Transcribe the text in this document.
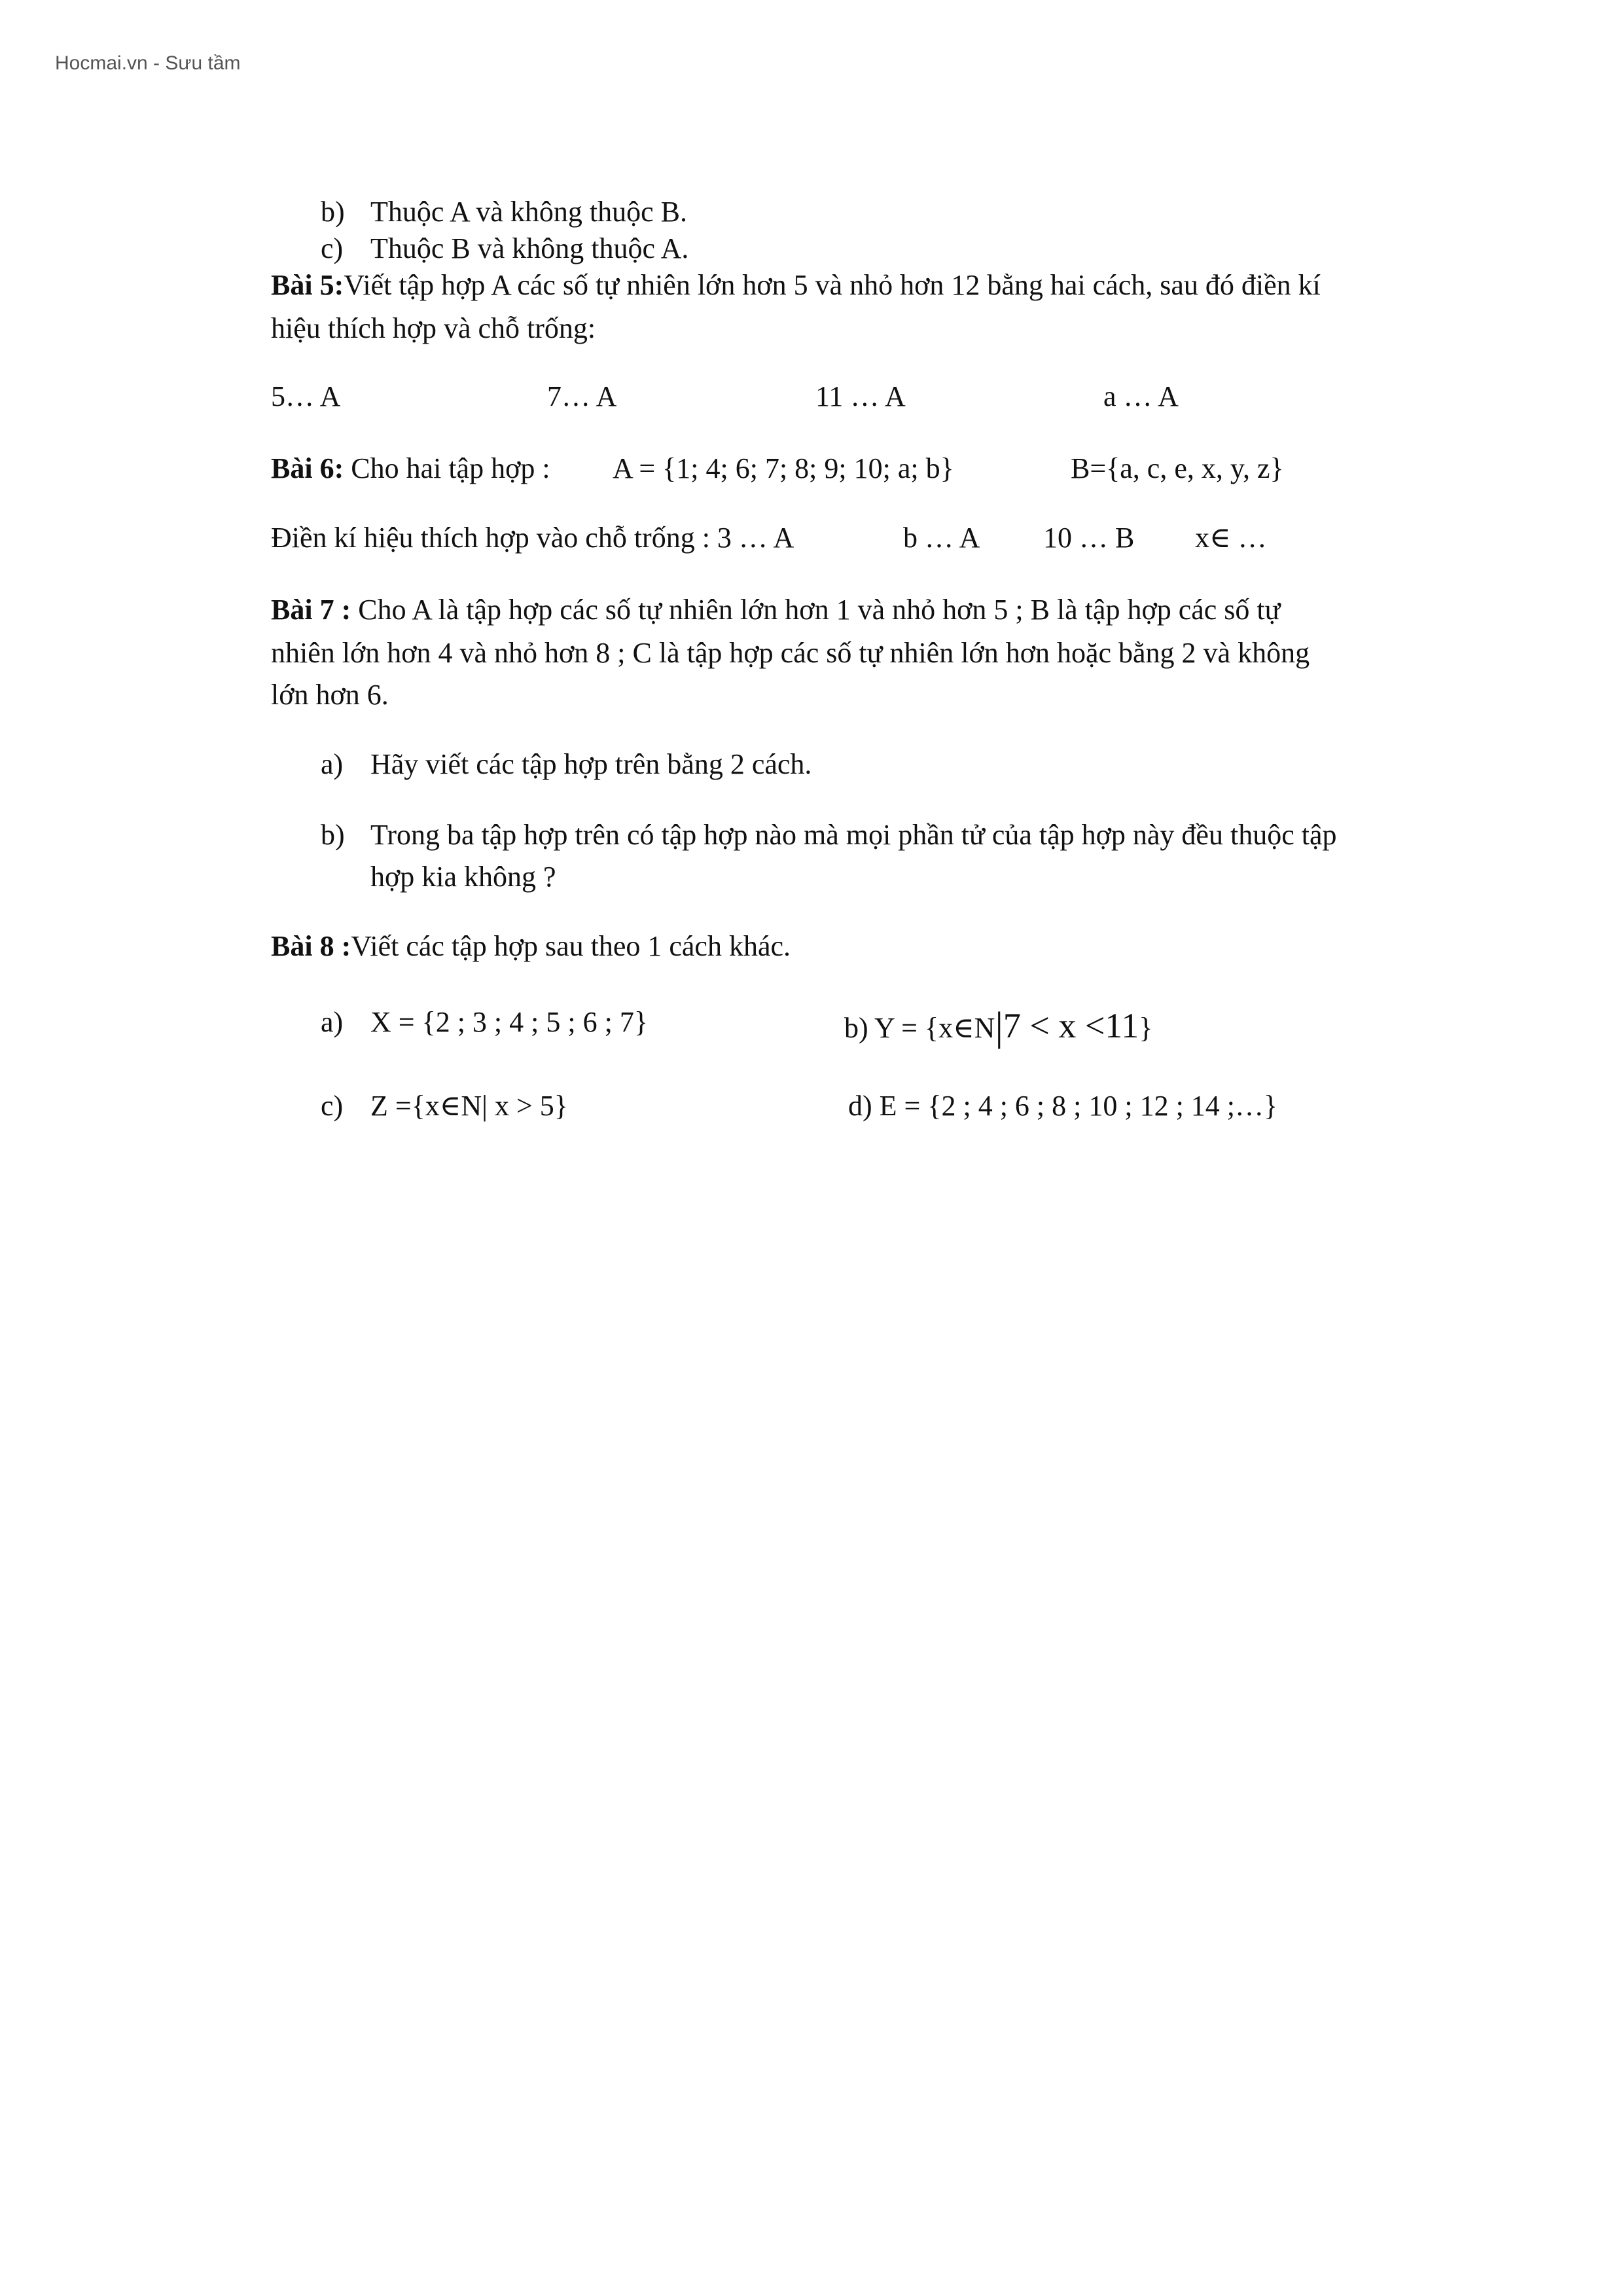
Hocmai.vn - Sưu tầm
b) Thuộc A và không thuộc B.
c) Thuộc B và không thuộc A.
Bài 5:Viết tập hợp A các số tự nhiên lớn hơn 5 và nhỏ hơn 12 bằng hai cách, sau đó điền kí
hiệu thích hợp và chỗ trống:
5… A	7… A	11 … A	a … A
Bài 6: Cho hai tập hợp : A = {1; 4; 6; 7; 8; 9; 10; a; b}	B={a, c, e, x, y, z}
Điền kí hiệu thích hợp vào chỗ trống : 3 … A	b … A 10 … B x∈ …
Bài 7 : Cho A là tập hợp các số tự nhiên lớn hơn 1 và nhỏ hơn 5 ; B là tập hợp các số tự
nhiên lớn hơn 4 và nhỏ hơn 8 ; C là tập hợp các số tự nhiên lớn hơn hoặc bằng 2 và không
lớn hơn 6.
a) Hãy viết các tập hợp trên bằng 2 cách.
b) Trong ba tập hợp trên có tập hợp nào mà mọi phần tử của tập hợp này đều thuộc tập
hợp kia không ?
Bài 8 :Viết các tập hợp sau theo 1 cách khác.
a) X = {2 ; 3 ; 4 ; 5 ; 6 ; 7}	b) Y = {x∈N|7 < x <11}
c) Z ={x∈N| x > 5}	d) E = {2 ; 4 ; 6 ; 8 ; 10 ; 12 ; 14 ;…}
